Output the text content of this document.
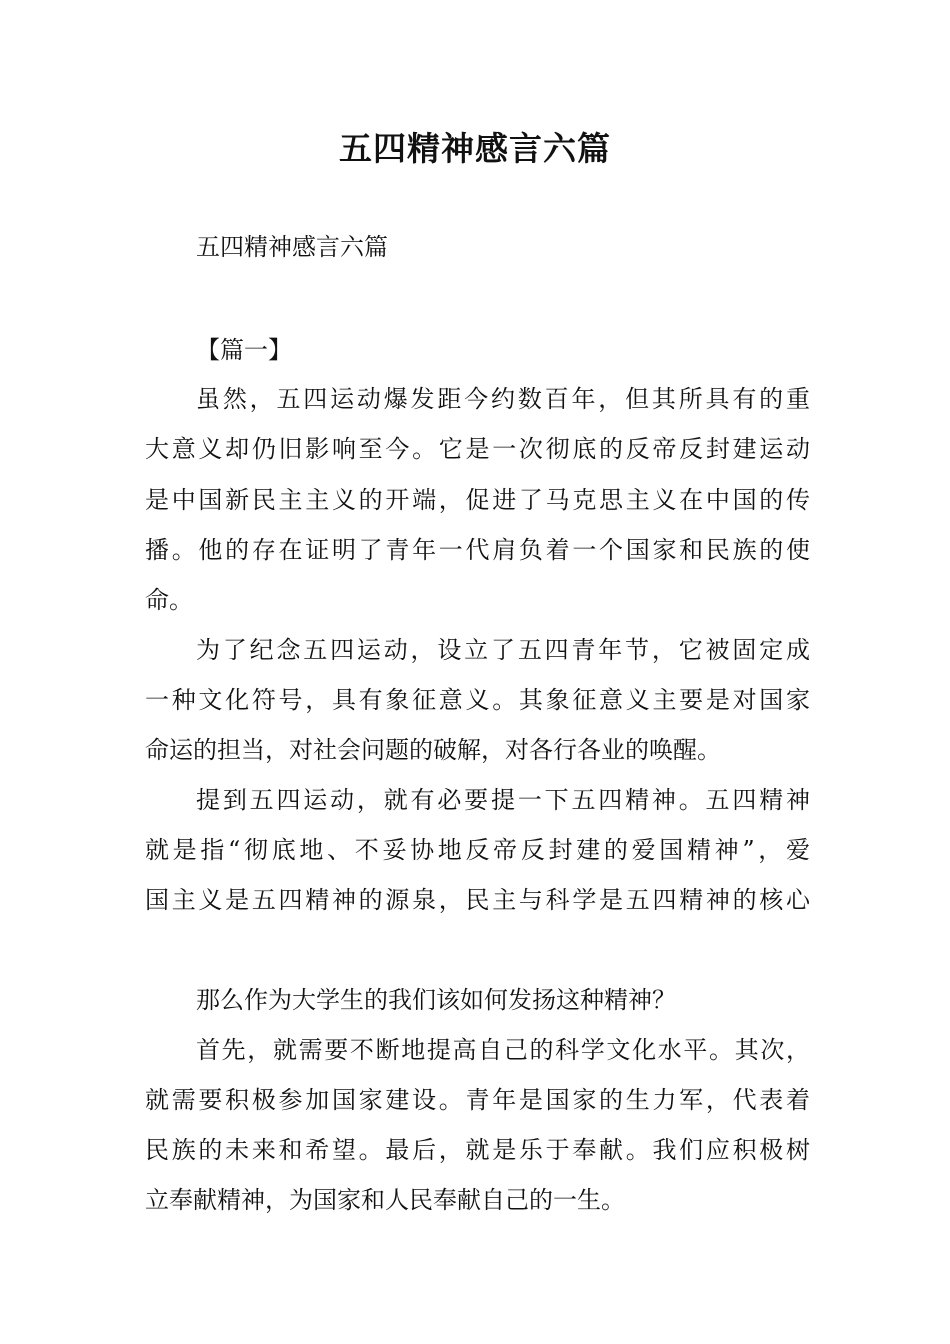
五四精神感言六篇
五四精神感言六篇
【篇一】
虽然，五四运动爆发距今约数百年，但其所具有的重
大意义却仍旧影响至今。它是一次彻底的反帝反封建运动
是中国新民主主义的开端，促进了马克思主义在中国的传
播。他的存在证明了青年一代肩负着一个国家和民族的使
命。
为了纪念五四运动，设立了五四青年节，它被固定成
一种文化符号，具有象征意义。其象征意义主要是对国家
命运的担当，对社会问题的破解，对各行各业的唤醒。
提到五四运动，就有必要提一下五四精神。五四精神
就是指“彻底地、不妥协地反帝反封建的爱国精神”，爱
国主义是五四精神的源泉，民主与科学是五四精神的核心
那么作为大学生的我们该如何发扬这种精神？
首先，就需要不断地提高自己的科学文化水平。其次，
就需要积极参加国家建设。青年是国家的生力军，代表着
民族的未来和希望。最后，就是乐于奉献。我们应积极树
立奉献精神，为国家和人民奉献自己的一生。
